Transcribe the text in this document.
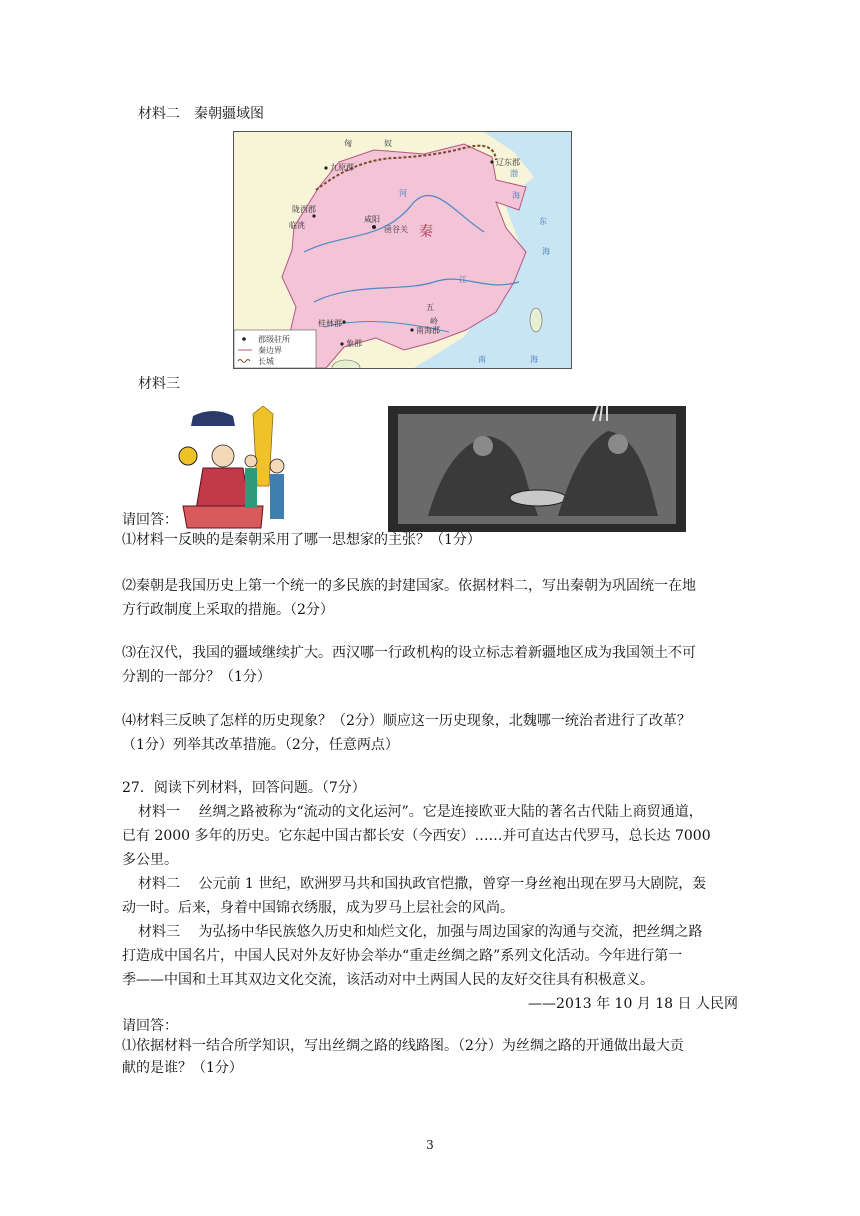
材料二　秦朝疆域图
匈	奴
九原郡
辽东郡
陇西郡
临洮
咸阳
函谷关 秦
桂林郡
南海郡
象郡
五
岭
渤
海
东
海
南	海
河
江
郡级驻所
秦边界
长城
材料三
请回答：
⑴材料一反映的是秦朝采用了哪一思想家的主张？（1分）
⑵秦朝是我国历史上第一个统一的多民族的封建国家。依据材料二，写出秦朝为巩固统一在地
方行政制度上采取的措施。（2分）
⑶在汉代，我国的疆域继续扩大。西汉哪一行政机构的设立标志着新疆地区成为我国领土不可
分割的一部分？（1分）
⑷材料三反映了怎样的历史现象？（2分）顺应这一历史现象，北魏哪一统治者进行了改革？
（1分）列举其改革措施。（2分，任意两点）
27．阅读下列材料，回答问题。（7分）
材料一　 丝绸之路被称为“流动的文化运河”。它是连接欧亚大陆的著名古代陆上商贸通道，
已有 2000 多年的历史。它东起中国古都长安（今西安）……并可直达古代罗马，总长达 7000
多公里。
材料二　 公元前 1 世纪，欧洲罗马共和国执政官恺撒，曾穿一身丝袍出现在罗马大剧院，轰
动一时。后来，身着中国锦衣绣服，成为罗马上层社会的风尚。
材料三　 为弘扬中华民族悠久历史和灿烂文化，加强与周边国家的沟通与交流，把丝绸之路
打造成中国名片，中国人民对外友好协会举办“重走丝绸之路”系列文化活动。今年进行第一
季——中国和土耳其双边文化交流，该活动对中土两国人民的友好交往具有积极意义。
——2013 年 10 月 18 日 人民网
请回答：
⑴依据材料一结合所学知识，写出丝绸之路的线路图。（2分）为丝绸之路的开通做出最大贡
献的是谁？（1分）
3
